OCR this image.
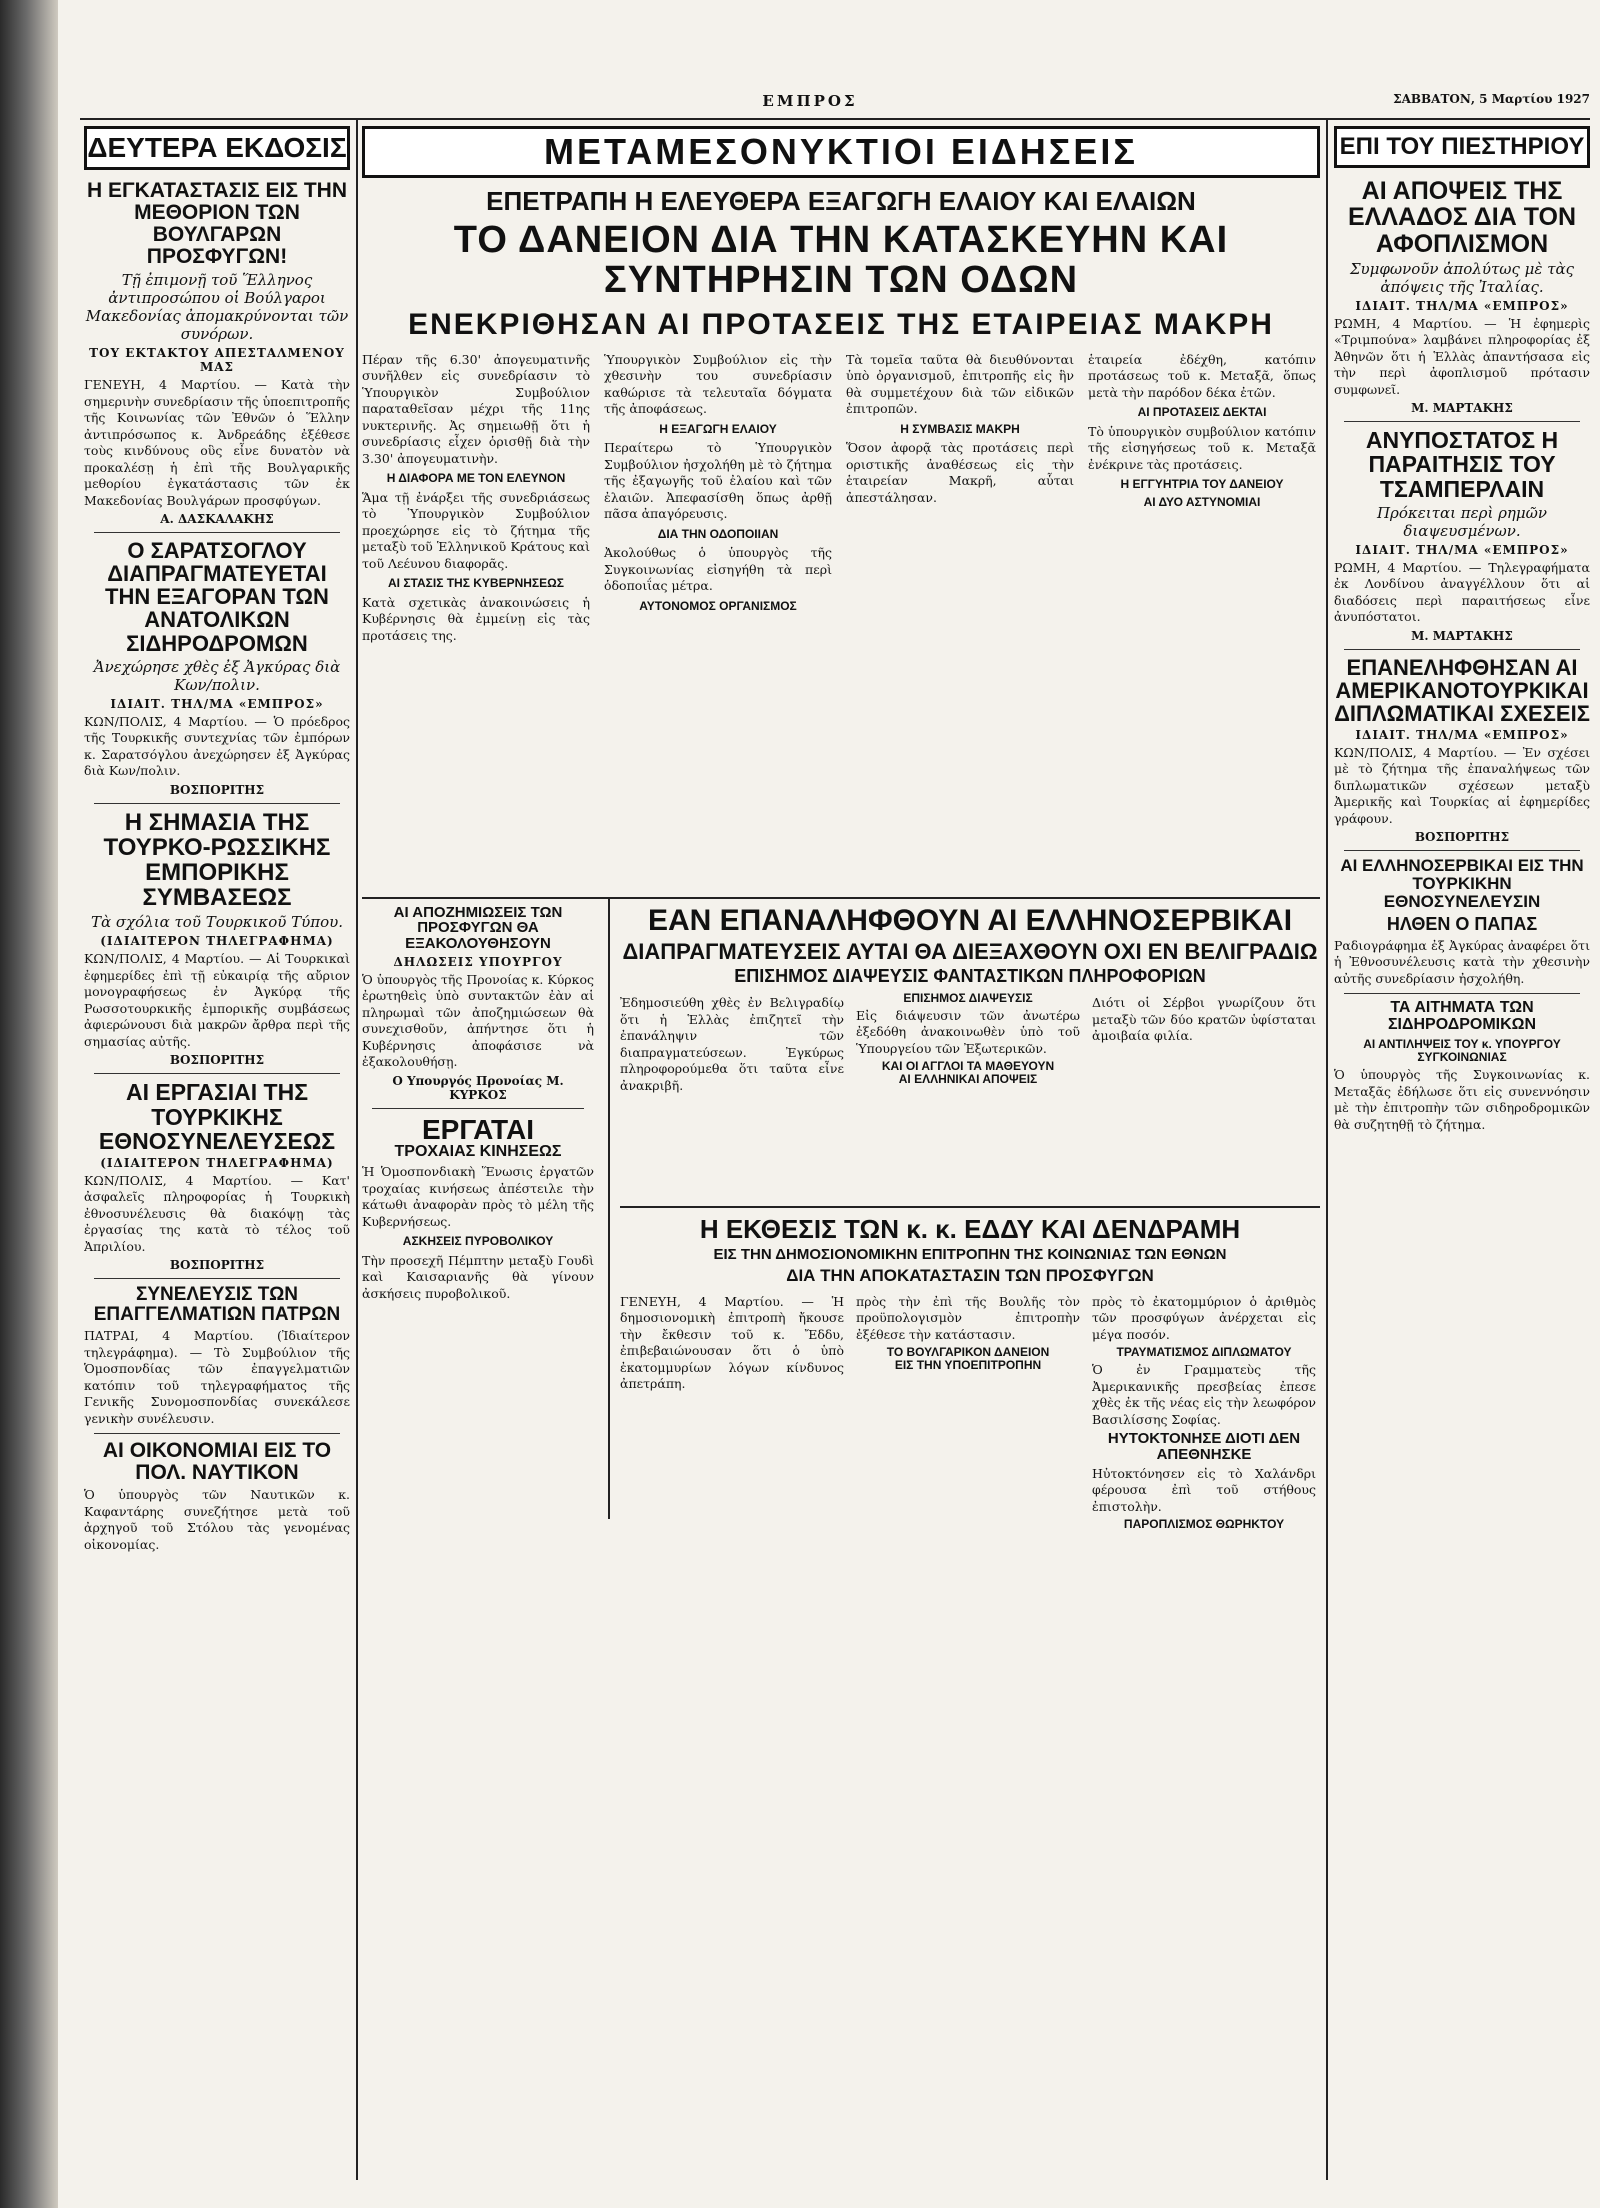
ΕΜΠΡΟΣ	ΣΑΒΒΑΤΟΝ, 5 Μαρτίου 1927
ΔΕΥΤΕΡΑ ΕΚΔΟΣΙΣ
Η ΕΓΚΑΤΑΣΤΑΣΙΣ ΕΙΣ ΤΗΝ ΜΕΘΟΡΙΟΝ ΤΩΝ ΒΟΥΛΓΑΡΩΝ ΠΡΟΣΦΥΓΩΝ!
Τῇ ἐπιμονῇ τοῦ Ἕλληνος ἀντιπροσώπου οἱ Βούλγαροι Μακεδονίας ἀπομακρύνονται τῶν συνόρων.
ΤΟΥ ΕΚΤΑΚΤΟΥ ΑΠΕΣΤΑΛΜΕΝΟΥ ΜΑΣ
ΓΕΝΕΥΗ, 4 Μαρτίου. — Κατὰ τὴν σημερινὴν συνεδρίασιν τῆς ὑποεπιτροπῆς τῆς Κοινωνίας τῶν Ἐθνῶν ὁ Ἕλλην ἀντιπρόσωπος κ. Ἀνδρεάδης ἐξέθεσε τοὺς κινδύνους οὓς εἶνε δυνατὸν νὰ προκαλέσῃ ἡ ἐπὶ τῆς Βουλγαρικῆς μεθορίου ἐγκατάστασις τῶν ἐκ Μακεδονίας Βουλγάρων προσφύγων.
Α. ΔΑΣΚΑΛΑΚΗΣ
Ο ΣΑΡΑΤΣΟΓΛΟΥ ΔΙΑΠΡΑΓΜΑΤΕΥΕΤΑΙ ΤΗΝ ΕΞΑΓΟΡΑΝ ΤΩΝ ΑΝΑΤΟΛΙΚΩΝ ΣΙΔΗΡΟΔΡΟΜΩΝ
Ἀνεχώρησε χθὲς ἐξ Ἀγκύρας διὰ Κων/πολιν.
ΙΔΙΑΙΤ. ΤΗΛ/ΜΑ «ΕΜΠΡΟΣ»
ΚΩΝ/ΠΟΛΙΣ, 4 Μαρτίου. — Ὁ πρόεδρος τῆς Τουρκικῆς συντεχνίας τῶν ἐμπόρων κ. Σαρατσόγλου ἀνεχώρησεν ἐξ Ἀγκύρας διὰ Κων/πολιν.
ΒΟΣΠΟΡΙΤΗΣ
Η ΣΗΜΑΣΙΑ ΤΗΣ ΤΟΥΡΚΟ-ΡΩΣΣΙΚΗΣ ΕΜΠΟΡΙΚΗΣ ΣΥΜΒΑΣΕΩΣ
Τὰ σχόλια τοῦ Τουρκικοῦ Τύπου.
(ΙΔΙΑΙΤΕΡΟΝ ΤΗΛΕΓΡΑΦΗΜΑ)
ΚΩΝ/ΠΟΛΙΣ, 4 Μαρτίου. — Αἱ Τουρκικαὶ ἐφημερίδες ἐπὶ τῇ εὐκαιρίᾳ τῆς αὔριον μονογραφήσεως ἐν Ἀγκύρᾳ τῆς Ρωσσοτουρκικῆς ἐμπορικῆς συμβάσεως ἀφιερώνουσι διὰ μακρῶν ἄρθρα περὶ τῆς σημασίας αὐτῆς.
ΒΟΣΠΟΡΙΤΗΣ
ΑΙ ΕΡΓΑΣΙΑΙ ΤΗΣ ΤΟΥΡΚΙΚΗΣ ΕΘΝΟΣΥΝΕΛΕΥΣΕΩΣ
(ΙΔΙΑΙΤΕΡΟΝ ΤΗΛΕΓΡΑΦΗΜΑ)
ΚΩΝ/ΠΟΛΙΣ, 4 Μαρτίου. — Κατ' ἀσφαλεῖς πληροφορίας ἡ Τουρκικὴ ἐθνοσυνέλευσις θὰ διακόψῃ τὰς ἐργασίας της κατὰ τὸ τέλος τοῦ Ἀπριλίου.
ΒΟΣΠΟΡΙΤΗΣ
ΣΥΝΕΛΕΥΣΙΣ ΤΩΝ ΕΠΑΓΓΕΛΜΑΤΙΩΝ ΠΑΤΡΩΝ
ΠΑΤΡΑΙ, 4 Μαρτίου. (Ἰδιαίτερον τηλεγράφημα). — Τὸ Συμβούλιον τῆς Ὁμοσπονδίας τῶν ἐπαγγελματιῶν κατόπιν τοῦ τηλεγραφήματος τῆς Γενικῆς Συνομοσπονδίας συνεκάλεσε γενικὴν συνέλευσιν.
ΑΙ ΟΙΚΟΝΟΜΙΑΙ ΕΙΣ ΤΟ ΠΟΛ. ΝΑΥΤΙΚΟΝ
Ὁ ὑπουργὸς τῶν Ναυτικῶν κ. Καφαντάρης συνεζήτησε μετὰ τοῦ ἀρχηγοῦ τοῦ Στόλου τὰς γενομένας οἰκονομίας.
ΜΕΤΑΜΕΣΟΝΥΚΤΙΟΙ ΕΙΔΗΣΕΙΣ
ΕΠΕΤΡΑΠΗ Η ΕΛΕΥΘΕΡΑ ΕΞΑΓΩΓΗ ΕΛΑΙΟΥ ΚΑΙ ΕΛΑΙΩΝ
ΤΟ ΔΑΝΕΙΟΝ ΔΙΑ ΤΗΝ ΚΑΤΑΣΚΕΥΗΝ ΚΑΙ ΣΥΝΤΗΡΗΣΙΝ ΤΩΝ ΟΔΩΝ
ΕΝΕΚΡΙΘΗΣΑΝ ΑΙ ΠΡΟΤΑΣΕΙΣ ΤΗΣ ΕΤΑΙΡΕΙΑΣ ΜΑΚΡΗ
Πέραν τῆς 6.30' ἀπογευματινῆς συνῆλθεν εἰς συνεδρίασιν τὸ Ὑπουργικὸν Συμβούλιον παραταθεῖσαν μέχρι τῆς 11ης νυκτερινῆς. Ἀς σημειωθῇ ὅτι ἡ συνεδρίασις εἶχεν ὁρισθῇ διὰ τὴν 3.30' ἀπογευματινὴν.
Η ΔΙΑΦΟΡΑ ΜΕ ΤΟΝ ΕΛΕΥΝΟΝ
Ἅμα τῇ ἐνάρξει τῆς συνεδριάσεως τὸ Ὑπουργικὸν Συμβούλιον προεχώρησε εἰς τὸ ζήτημα τῆς μεταξὺ τοῦ Ἑλληνικοῦ Κράτους καὶ τοῦ Λεέυνου διαφορᾶς.
ΑΙ ΣΤΑΣΙΣ ΤΗΣ ΚΥΒΕΡΝΗΣΕΩΣ
Κατὰ σχετικὰς ἀνακοινώσεις ἡ Κυβέρνησις θὰ ἐμμείνῃ εἰς τὰς προτάσεις της.
Ὑπουργικὸν Συμβούλιον εἰς τὴν χθεσινὴν του συνεδρίασιν καθώρισε τὰ τελευταῖα δόγματα τῆς ἀποφάσεως.
Η ΕΞΑΓΩΓΗ ΕΛΑΙΟΥ
Περαίτερω τὸ Ὑπουργικὸν Συμβούλιον ἠσχολήθη μὲ τὸ ζήτημα τῆς ἐξαγωγῆς τοῦ ἐλαίου καὶ τῶν ἐλαιῶν. Ἀπεφασίσθη ὅπως ἀρθῇ πᾶσα ἀπαγόρευσις.
ΔΙΑ ΤΗΝ ΟΔΟΠΟΙΙΑΝ
Ἀκολούθως ὁ ὑπουργὸς τῆς Συγκοινωνίας εἰσηγήθη τὰ περὶ ὁδοποιΐας μέτρα.
ΑΥΤΟΝΟΜΟΣ ΟΡΓΑΝΙΣΜΟΣ
Τὰ τομεῖα ταῦτα θὰ διευθύνονται ὑπὸ ὀργανισμοῦ, ἐπιτροπῆς εἰς ἣν θὰ συμμετέχουν διὰ τῶν εἰδικῶν ἐπιτροπῶν.
Η ΣΥΜΒΑΣΙΣ ΜΑΚΡΗ
Ὅσον ἀφορᾷ τὰς προτάσεις περὶ οριστικῆς ἀναθέσεως εἰς τὴν ἑταιρείαν Μακρῆ, αὗται ἀπεστάλησαν.
ἑταιρεία ἐδέχθη, κατόπιν προτάσεως τοῦ κ. Μεταξᾶ, ὅπως μετὰ τὴν παρόδον δέκα ἐτῶν.
ΑΙ ΠΡΟΤΑΣΕΙΣ ΔΕΚΤΑΙ
Τὸ ὑπουργικὸν συμβούλιον κατόπιν τῆς εἰσηγήσεως τοῦ κ. Μεταξᾶ ἐνέκρινε τὰς προτάσεις.
Η ΕΓΓΥΗΤΡΙΑ ΤΟΥ ΔΑΝΕΙΟΥ
ΑΙ ΔΥΟ ΑΣΤΥΝΟΜΙΑΙ
ΑΙ ΑΠΟΖΗΜΙΩΣΕΙΣ ΤΩΝ ΠΡΟΣΦΥΓΩΝ ΘΑ ΕΞΑΚΟΛΟΥΘΗΣΟΥΝ
ΔΗΛΩΣΕΙΣ ΥΠΟΥΡΓΟΥ
Ὁ ὑπουργὸς τῆς Προνοίας κ. Κύρκος ἐρωτηθεὶς ὑπὸ συντακτῶν ἐὰν αἱ πληρωμαὶ τῶν ἀποζημιώσεων θὰ συνεχισθοῦν, ἀπήντησε ὅτι ἡ Κυβέρνησις ἀποφάσισε νὰ ἐξακολουθήσῃ.
Ο Υπουργός Προνοίας Μ. ΚΥΡΚΟΣ
ΕΡΓΑΤΑΙ
ΤΡΟΧΑΙΑΣ ΚΙΝΗΣΕΩΣ
Ἡ Ὁμοσπονδιακὴ Ἕνωσις ἐργατῶν τροχαίας κινήσεως ἀπέστειλε τὴν κάτωθι ἀναφορὰν πρὸς τὸ μέλη τῆς Κυβερνήσεως.
ΑΣΚΗΣΕΙΣ ΠΥΡΟΒΟΛΙΚΟΥ
Τὴν προσεχῆ Πέμπτην μεταξὺ Γουδὶ καὶ Καισαριανῆς θὰ γίνουν ἀσκήσεις πυροβολικοῦ.
ΕΑΝ ΕΠΑΝΑΛΗΦΘΟΥΝ ΑΙ ΕΛΛΗΝΟΣΕΡΒΙΚΑΙ
ΔΙΑΠΡΑΓΜΑΤΕΥΣΕΙΣ ΑΥΤΑΙ ΘΑ ΔΙΕΞΑΧΘΟΥΝ ΟΧΙ ΕΝ ΒΕΛΙΓΡΑΔΙΩ
ΕΠΙΣΗΜΟΣ ΔΙΑΨΕΥΣΙΣ ΦΑΝΤΑΣΤΙΚΩΝ ΠΛΗΡΟΦΟΡΙΩΝ
Ἐδημοσιεύθη χθὲς ἐν Βελιγραδίῳ ὅτι ἡ Ἑλλὰς ἐπιζητεῖ τὴν ἐπανάληψιν τῶν διαπραγματεύσεων. Ἐγκύρως πληροφορούμεθα ὅτι ταῦτα εἶνε ἀνακριβῆ.
ΕΠΙΣΗΜΟΣ ΔΙΑΨΕΥΣΙΣ
Εἰς διάψευσιν τῶν ἀνωτέρω ἐξεδόθη ἀνακοινωθὲν ὑπὸ τοῦ Ὑπουργείου τῶν Ἐξωτερικῶν.
ΚΑΙ ΟΙ ΑΓΓΛΟΙ ΤΑ ΜΑΘΕΥΟΥΝ
ΑΙ ΕΛΛΗΝΙΚΑΙ ΑΠΟΨΕΙΣ
Διότι οἱ Σέρβοι γνωρίζουν ὅτι μεταξὺ τῶν δύο κρατῶν ὑφίσταται ἀμοιβαία φιλία.
Η ΕΚΘΕΣΙΣ ΤΩΝ κ. κ. ΕΔΔΥ ΚΑΙ ΔΕΝΔΡΑΜΗ
ΕΙΣ ΤΗΝ ΔΗΜΟΣΙΟΝΟΜΙΚΗΝ ΕΠΙΤΡΟΠΗΝ ΤΗΣ ΚΟΙΝΩΝΙΑΣ ΤΩΝ ΕΘΝΩΝ
ΔΙΑ ΤΗΝ ΑΠΟΚΑΤΑΣΤΑΣΙΝ ΤΩΝ ΠΡΟΣΦΥΓΩΝ
ΓΕΝΕΥΗ, 4 Μαρτίου. — Ἡ δημοσιονομικὴ ἐπιτροπὴ ἤκουσε τὴν ἔκθεσιν τοῦ κ. Ἔδδυ, ἐπιβεβαιώνουσαν ὅτι ὁ ὑπὸ ἐκατομμυρίων λόγων κίνδυνος ἀπετράπη.
πρὸς τὴν ἐπὶ τῆς Βουλῆς τὸν προϋπολογισμὸν ἐπιτροπὴν ἐξέθεσε τὴν κατάστασιν.
ΤΟ ΒΟΥΛΓΑΡΙΚΟΝ ΔΑΝΕΙΟΝ
ΕΙΣ ΤΗΝ ΥΠΟΕΠΙΤΡΟΠΗΝ
πρὸς τὸ ἐκατομμύριον ὁ ἀριθμὸς τῶν προσφύγων ἀνέρχεται εἰς μέγα ποσόν.
ΤΡΑΥΜΑΤΙΣΜΟΣ ΔΙΠΛΩΜΑΤΟΥ
Ὁ ἐν Γραμματεὺς τῆς Ἀμερικανικῆς πρεσβείας ἐπεσε χθὲς ἐκ τῆς νέας εἰς τὴν λεωφόρον Βασιλίσσης Σοφίας.
ΗΥΤΟΚΤΟΝΗΣΕ ΔΙΟΤΙ ΔΕΝ ΑΠΕΘΝΗΣΚΕ
Ηὐτοκτόνησεν εἰς τὸ Χαλάνδρι φέρουσα ἐπὶ τοῦ στήθους ἐπιστολὴν.
ΠΑΡΟΠΛΙΣΜΟΣ ΘΩΡΗΚΤΟΥ
ΕΠΙ ΤΟΥ ΠΙΕΣΤΗΡΙΟΥ
ΑΙ ΑΠΟΨΕΙΣ ΤΗΣ ΕΛΛΑΔΟΣ ΔΙΑ ΤΟΝ ΑΦΟΠΛΙΣΜΟΝ
Συμφωνοῦν ἀπολύτως μὲ τὰς ἀπόψεις τῆς Ἰταλίας.
ΙΔΙΑΙΤ. ΤΗΛ/ΜΑ «ΕΜΠΡΟΣ»
ΡΩΜΗ, 4 Μαρτίου. — Ἡ ἐφημερὶς «Τριμπούνα» λαμβάνει πληροφορίας ἐξ Ἀθηνῶν ὅτι ἡ Ἑλλὰς ἀπαντήσασα εἰς τὴν περὶ ἀφοπλισμοῦ πρότασιν συμφωνεῖ.
Μ. ΜΑΡΤΑΚΗΣ
ΑΝΥΠΟΣΤΑΤΟΣ Η ΠΑΡΑΙΤΗΣΙΣ ΤΟΥ ΤΣΑΜΠΕΡΛΑΙΝ
Πρόκειται περὶ ρημῶν διαψευσμένων.
ΙΔΙΑΙΤ. ΤΗΛ/ΜΑ «ΕΜΠΡΟΣ»
ΡΩΜΗ, 4 Μαρτίου. — Τηλεγραφήματα ἐκ Λονδίνου ἀναγγέλλουν ὅτι αἱ διαδόσεις περὶ παραιτήσεως εἶνε ἀνυπόστατοι.
Μ. ΜΑΡΤΑΚΗΣ
ΕΠΑΝΕΛΗΦΘΗΣΑΝ ΑΙ ΑΜΕΡΙΚΑΝΟΤΟΥΡΚΙΚΑΙ ΔΙΠΛΩΜΑΤΙΚΑΙ ΣΧΕΣΕΙΣ
ΙΔΙΑΙΤ. ΤΗΛ/ΜΑ «ΕΜΠΡΟΣ»
ΚΩΝ/ΠΟΛΙΣ, 4 Μαρτίου. — Ἐν σχέσει μὲ τὸ ζήτημα τῆς ἐπαναλήψεως τῶν διπλωματικῶν σχέσεων μεταξὺ Ἀμερικῆς καὶ Τουρκίας αἱ ἐφημερίδες γράφουν.
ΒΟΣΠΟΡΙΤΗΣ
ΑΙ ΕΛΛΗΝΟΣΕΡΒΙΚΑΙ ΕΙΣ ΤΗΝ ΤΟΥΡΚΙΚΗΝ ΕΘΝΟΣΥΝΕΛΕΥΣΙΝ
ΗΛΘΕΝ Ο ΠΑΠΑΣ
Ραδιογράφημα ἐξ Ἀγκύρας ἀναφέρει ὅτι ἡ Ἐθνοσυνέλευσις κατὰ τὴν χθεσινὴν αὐτῆς συνεδρίασιν ἠσχολήθη.
ΤΑ ΑΙΤΗΜΑΤΑ ΤΩΝ ΣΙΔΗΡΟΔΡΟΜΙΚΩΝ
ΑΙ ΑΝΤΙΛΗΨΕΙΣ ΤΟΥ κ. ΥΠΟΥΡΓΟΥ ΣΥΓΚΟΙΝΩΝΙΑΣ
Ὁ ὑπουργὸς τῆς Συγκοινωνίας κ. Μεταξᾶς ἐδήλωσε ὅτι εἰς συνεννόησιν μὲ τὴν ἐπιτροπὴν τῶν σιδηροδρομικῶν θὰ συζητηθῇ τὸ ζήτημα.
